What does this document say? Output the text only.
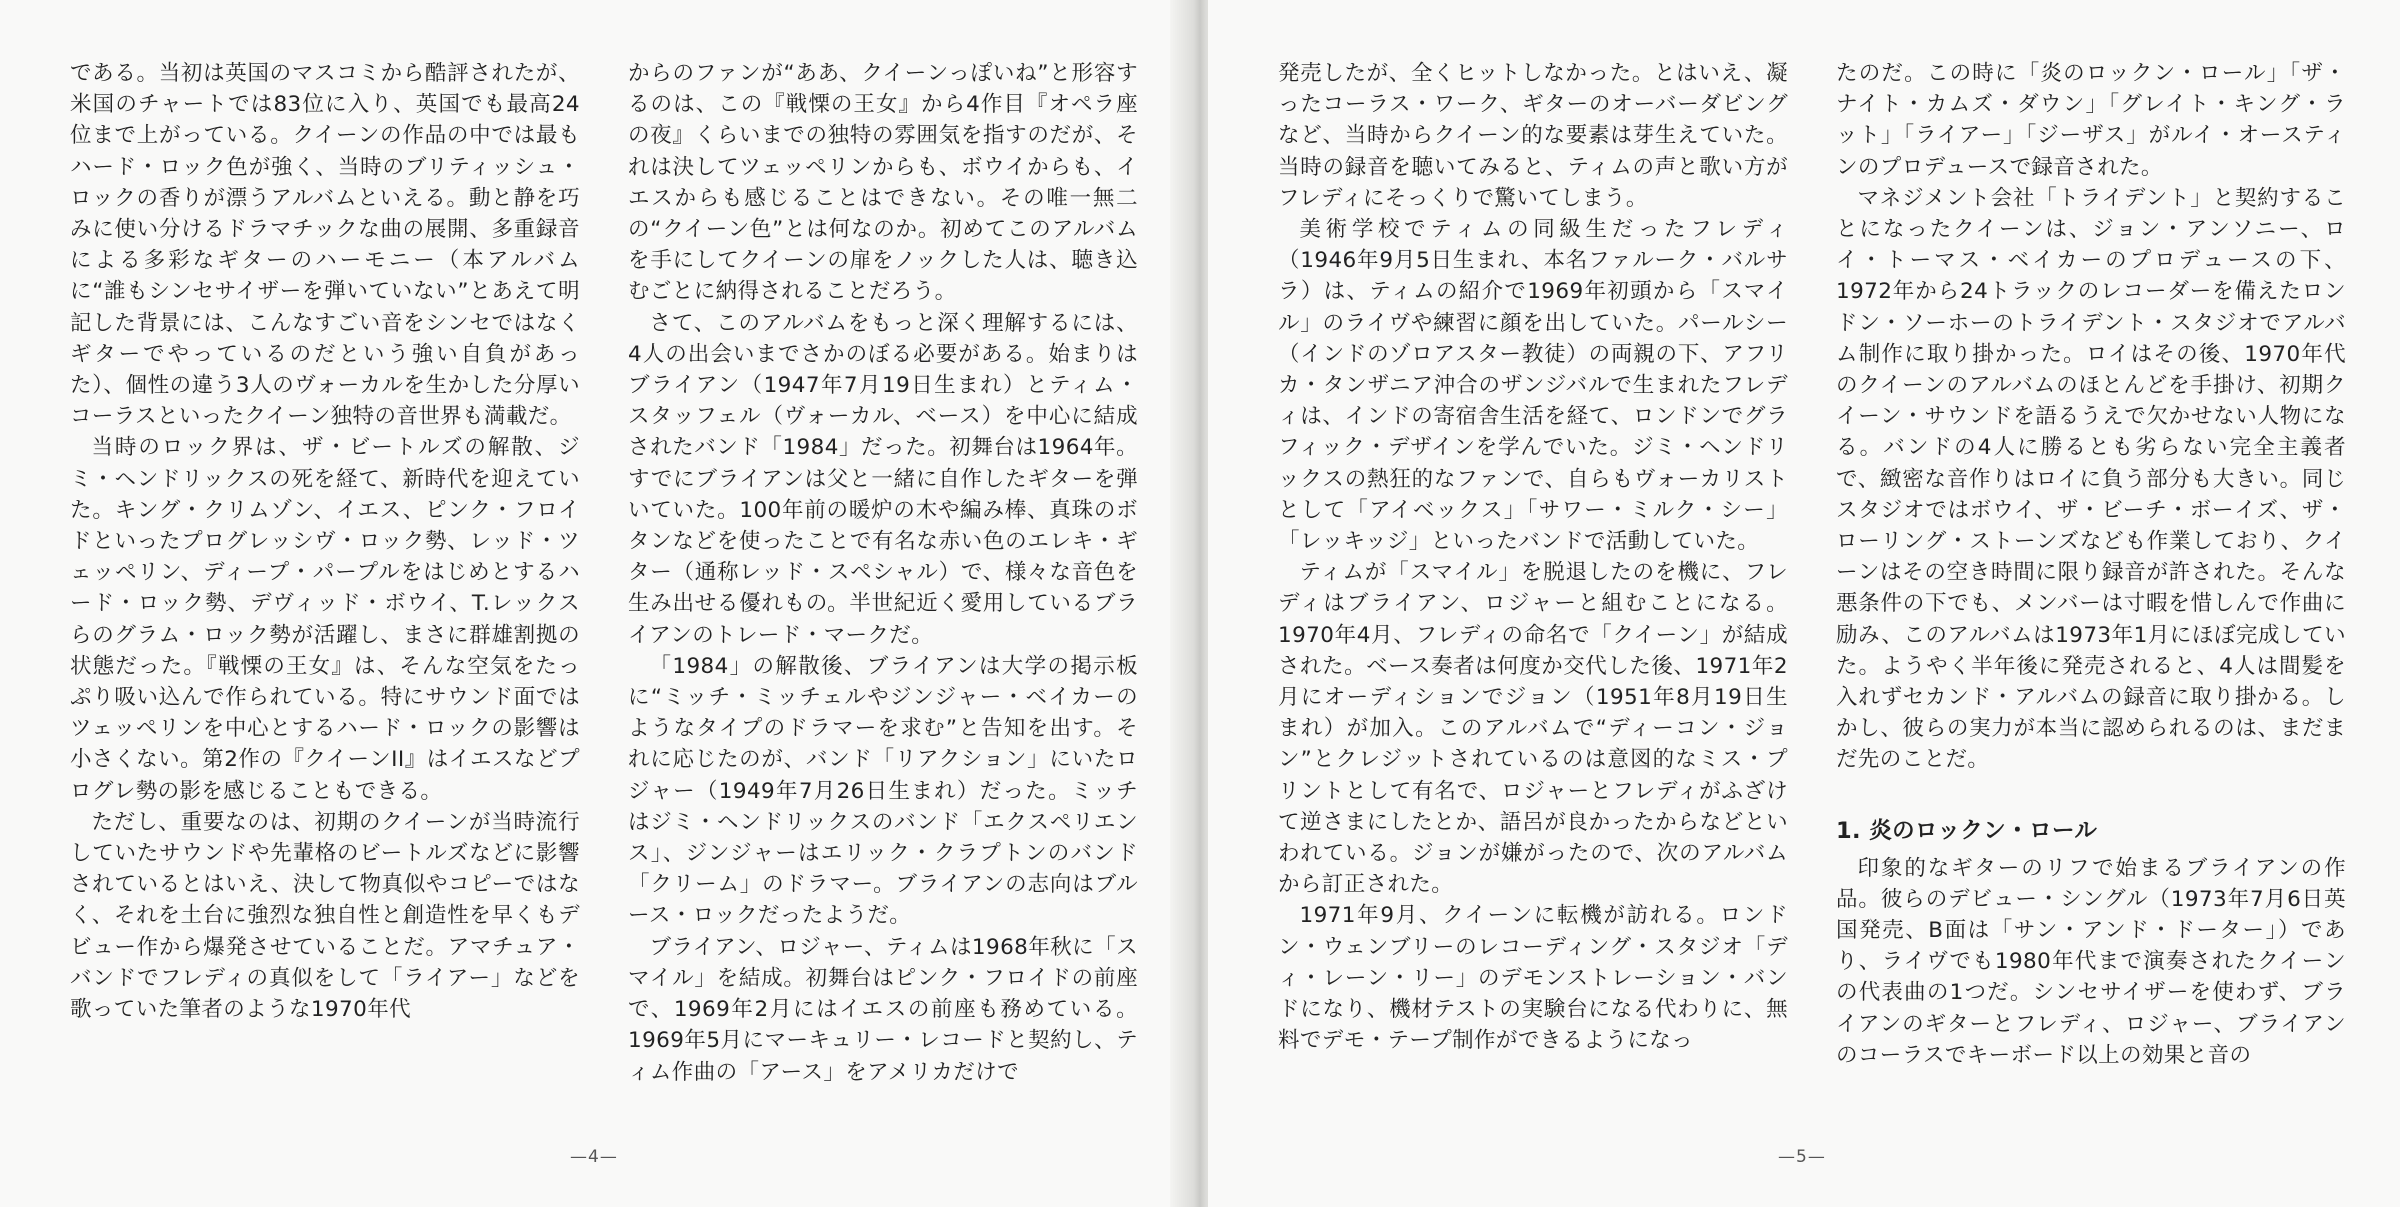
である。当初は英国のマスコミから酷評されたが、米国のチャートでは83位に入り、英国でも最高24位まで上がっている。クイーンの作品の中では最もハード・ロック色が強く、当時のブリティッシュ・ロックの香りが漂うアルバムといえる。動と静を巧みに使い分けるドラマチックな曲の展開、多重録音による多彩なギターのハーモニー（本アルバムに“誰もシンセサイザーを弾いていない”とあえて明記した背景には、こんなすごい音をシンセではなくギターでやっているのだという強い自負があった）、個性の違う3人のヴォーカルを生かした分厚いコーラスといったクイーン独特の音世界も満載だ。

当時のロック界は、ザ・ビートルズの解散、ジミ・ヘンドリックスの死を経て、新時代を迎えていた。キング・クリムゾン、イエス、ピンク・フロイドといったプログレッシヴ・ロック勢、レッド・ツェッペリン、ディープ・パープルをはじめとするハード・ロック勢、デヴィッド・ボウイ、T.レックスらのグラム・ロック勢が活躍し、まさに群雄割拠の状態だった。『戦慄の王女』は、そんな空気をたっぷり吸い込んで作られている。特にサウンド面ではツェッペリンを中心とするハード・ロックの影響は小さくない。第2作の『クイーンII』はイエスなどプログレ勢の影を感じることもできる。

ただし、重要なのは、初期のクイーンが当時流行していたサウンドや先輩格のビートルズなどに影響されているとはいえ、決して物真似やコピーではなく、それを土台に強烈な独自性と創造性を早くもデビュー作から爆発させていることだ。アマチュア・バンドでフレディの真似をして「ライアー」などを歌っていた筆者のような1970年代

からのファンが“ああ、クイーンっぽいね”と形容するのは、この『戦慄の王女』から4作目『オペラ座の夜』くらいまでの独特の雰囲気を指すのだが、それは決してツェッペリンからも、ボウイからも、イエスからも感じることはできない。その唯一無二の“クイーン色”とは何なのか。初めてこのアルバムを手にしてクイーンの扉をノックした人は、聴き込むごとに納得されることだろう。

さて、このアルバムをもっと深く理解するには、4人の出会いまでさかのぼる必要がある。始まりはブライアン（1947年7月19日生まれ）とティム・スタッフェル（ヴォーカル、ベース）を中心に結成されたバンド「1984」だった。初舞台は1964年。すでにブライアンは父と一緒に自作したギターを弾いていた。100年前の暖炉の木や編み棒、真珠のボタンなどを使ったことで有名な赤い色のエレキ・ギター（通称レッド・スペシャル）で、様々な音色を生み出せる優れもの。半世紀近く愛用しているブライアンのトレード・マークだ。

「1984」の解散後、ブライアンは大学の掲示板に“ミッチ・ミッチェルやジンジャー・ベイカーのようなタイプのドラマーを求む”と告知を出す。それに応じたのが、バンド「リアクション」にいたロジャー（1949年7月26日生まれ）だった。ミッチはジミ・ヘンドリックスのバンド「エクスペリエンス」、ジンジャーはエリック・クラプトンのバンド「クリーム」のドラマー。ブライアンの志向はブルース・ロックだったようだ。

ブライアン、ロジャー、ティムは1968年秋に「スマイル」を結成。初舞台はピンク・フロイドの前座で、1969年2月にはイエスの前座も務めている。1969年5月にマーキュリー・レコードと契約し、ティム作曲の「アース」をアメリカだけで

—4—

発売したが、全くヒットしなかった。とはいえ、凝ったコーラス・ワーク、ギターのオーバーダビングなど、当時からクイーン的な要素は芽生えていた。当時の録音を聴いてみると、ティムの声と歌い方がフレディにそっくりで驚いてしまう。

美術学校でティムの同級生だったフレディ（1946年9月5日生まれ、本名ファルーク・バルサラ）は、ティムの紹介で1969年初頭から「スマイル」のライヴや練習に顔を出していた。パールシー（インドのゾロアスター教徒）の両親の下、アフリカ・タンザニア沖合のザンジバルで生まれたフレディは、インドの寄宿舎生活を経て、ロンドンでグラフィック・デザインを学んでいた。ジミ・ヘンドリックスの熱狂的なファンで、自らもヴォーカリストとして「アイベックス」「サワー・ミルク・シー」「レッキッジ」といったバンドで活動していた。

ティムが「スマイル」を脱退したのを機に、フレディはブライアン、ロジャーと組むことになる。1970年4月、フレディの命名で「クイーン」が結成された。ベース奏者は何度か交代した後、1971年2月にオーディションでジョン（1951年8月19日生まれ）が加入。このアルバムで“ディーコン・ジョン”とクレジットされているのは意図的なミス・プリントとして有名で、ロジャーとフレディがふざけて逆さまにしたとか、語呂が良かったからなどといわれている。ジョンが嫌がったので、次のアルバムから訂正された。

1971年9月、クイーンに転機が訪れる。ロンドン・ウェンブリーのレコーディング・スタジオ「ディ・レーン・リー」のデモンストレーション・バンドになり、機材テストの実験台になる代わりに、無料でデモ・テープ制作ができるようになっ

たのだ。この時に「炎のロックン・ロール」「ザ・ナイト・カムズ・ダウン」「グレイト・キング・ラット」「ライアー」「ジーザス」がルイ・オースティンのプロデュースで録音された。

マネジメント会社「トライデント」と契約することになったクイーンは、ジョン・アンソニー、ロイ・トーマス・ベイカーのプロデュースの下、1972年から24トラックのレコーダーを備えたロンドン・ソーホーのトライデント・スタジオでアルバム制作に取り掛かった。ロイはその後、1970年代のクイーンのアルバムのほとんどを手掛け、初期クイーン・サウンドを語るうえで欠かせない人物になる。バンドの4人に勝るとも劣らない完全主義者で、緻密な音作りはロイに負う部分も大きい。同じスタジオではボウイ、ザ・ビーチ・ボーイズ、ザ・ローリング・ストーンズなども作業しており、クイーンはその空き時間に限り録音が許された。そんな悪条件の下でも、メンバーは寸暇を惜しんで作曲に励み、このアルバムは1973年1月にほぼ完成していた。ようやく半年後に発売されると、4人は間髪を入れずセカンド・アルバムの録音に取り掛かる。しかし、彼らの実力が本当に認められるのは、まだまだ先のことだ。

1. 炎のロックン・ロール

印象的なギターのリフで始まるブライアンの作品。彼らのデビュー・シングル（1973年7月6日英国発売、B面は「サン・アンド・ドーター」）であり、ライヴでも1980年代まで演奏されたクイーンの代表曲の1つだ。シンセサイザーを使わず、ブライアンのギターとフレディ、ロジャー、ブライアンのコーラスでキーボード以上の効果と音の

—5—
